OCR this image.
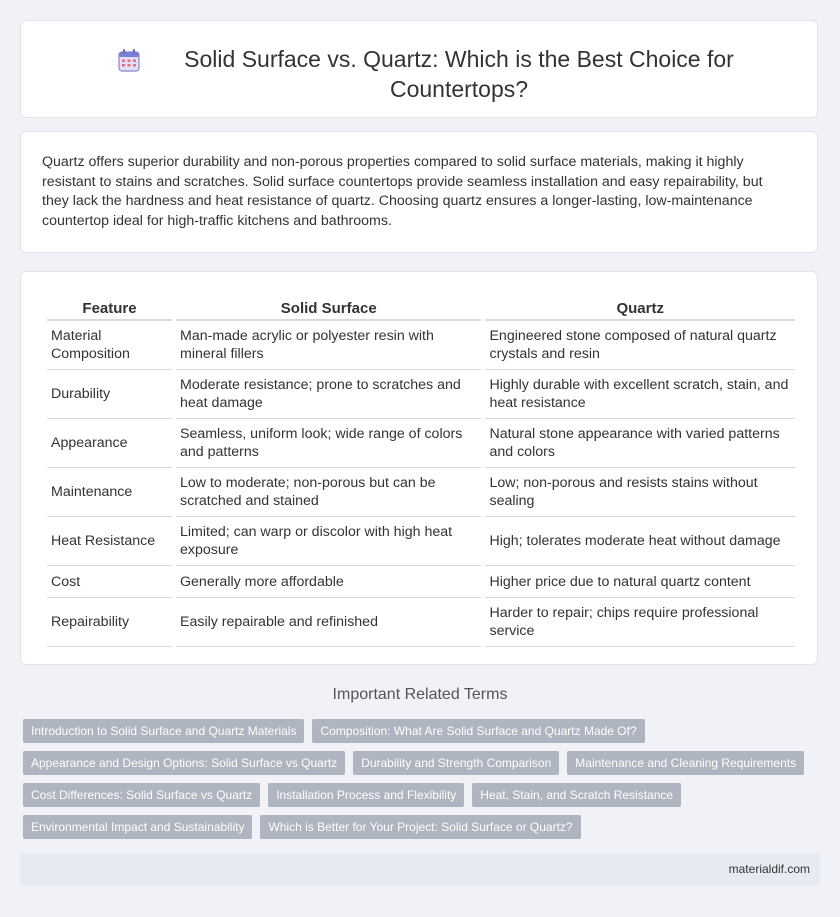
Solid Surface vs. Quartz: Which is the Best Choice for Countertops?
Quartz offers superior durability and non-porous properties compared to solid surface materials, making it highly resistant to stains and scratches. Solid surface countertops provide seamless installation and easy repairability, but they lack the hardness and heat resistance of quartz. Choosing quartz ensures a longer-lasting, low-maintenance countertop ideal for high-traffic kitchens and bathrooms.
Feature	Solid Surface	Quartz
Material Composition	Man-made acrylic or polyester resin with mineral fillers	Engineered stone composed of natural quartz crystals and resin
Durability	Moderate resistance; prone to scratches and heat damage	Highly durable with excellent scratch, stain, and heat resistance
Appearance	Seamless, uniform look; wide range of colors and patterns	Natural stone appearance with varied patterns and colors
Maintenance	Low to moderate; non-porous but can be scratched and stained	Low; non-porous and resists stains without sealing
Heat Resistance	Limited; can warp or discolor with high heat exposure	High; tolerates moderate heat without damage
Cost	Generally more affordable	Higher price due to natural quartz content
Repairability	Easily repairable and refinished	Harder to repair; chips require professional service
Important Related Terms
Introduction to Solid Surface and Quartz Materials	Composition: What Are Solid Surface and Quartz Made Of?
Appearance and Design Options: Solid Surface vs Quartz	Durability and Strength Comparison	Maintenance and Cleaning Requirements
Cost Differences: Solid Surface vs Quartz	Installation Process and Flexibility	Heat, Stain, and Scratch Resistance
Environmental Impact and Sustainability	Which is Better for Your Project: Solid Surface or Quartz?
materialdif.com
